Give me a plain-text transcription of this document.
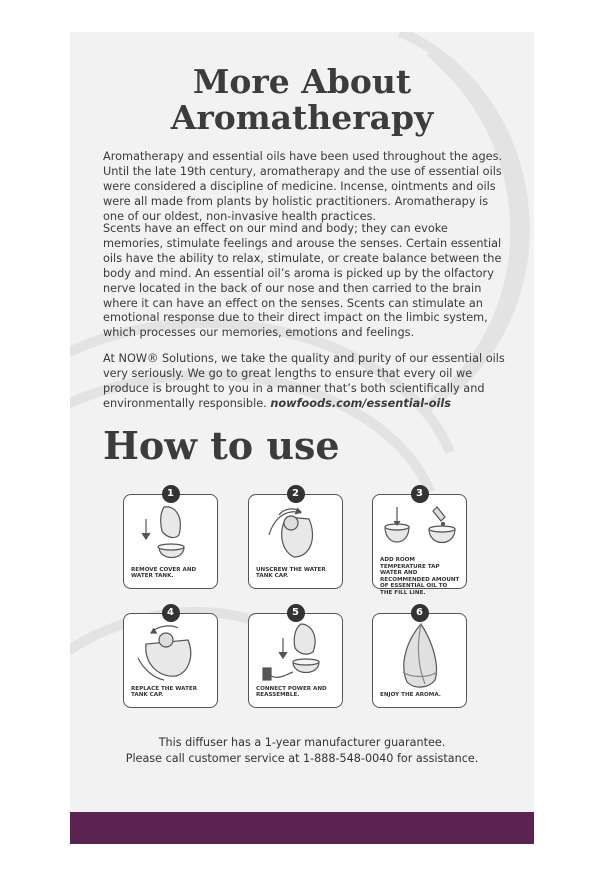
More About
Aromatherapy

Aromatherapy and essential oils have been used throughout the ages. Until the late 19th century, aromatherapy and the use of essential oils were considered a discipline of medicine. Incense, ointments and oils were all made from plants by holistic practitioners. Aromatherapy is one of our oldest, non-invasive health practices.

Scents have an effect on our mind and body; they can evoke memories, stimulate feelings and arouse the senses. Certain essential oils have the ability to relax, stimulate, or create balance between the body and mind. An essential oil’s aroma is picked up by the olfactory nerve located in the back of our nose and then carried to the brain where it can have an effect on the senses. Scents can stimulate an emotional response due to their direct impact on the limbic system, which processes our memories, emotions and feelings.

At NOW® Solutions, we take the quality and purity of our essential oils very seriously. We go to great lengths to ensure that every oil we produce is brought to you in a manner that’s both scientifically and environmentally responsible. nowfoods.com/essential-oils

How to use
1
REMOVE COVER AND WATER TANK.
2
UNSCREW THE WATER TANK CAP.
3
ADD ROOM TEMPERATURE TAP WATER AND RECOMMENDED AMOUNT OF ESSENTIAL OIL TO THE FILL LINE.
4
REPLACE THE WATER TANK CAP.
5
CONNECT POWER AND REASSEMBLE.
6
ENJOY THE AROMA.

This diffuser has a 1-year manufacturer guarantee.

Please call customer service at 1-888-548-0040 for assistance.
